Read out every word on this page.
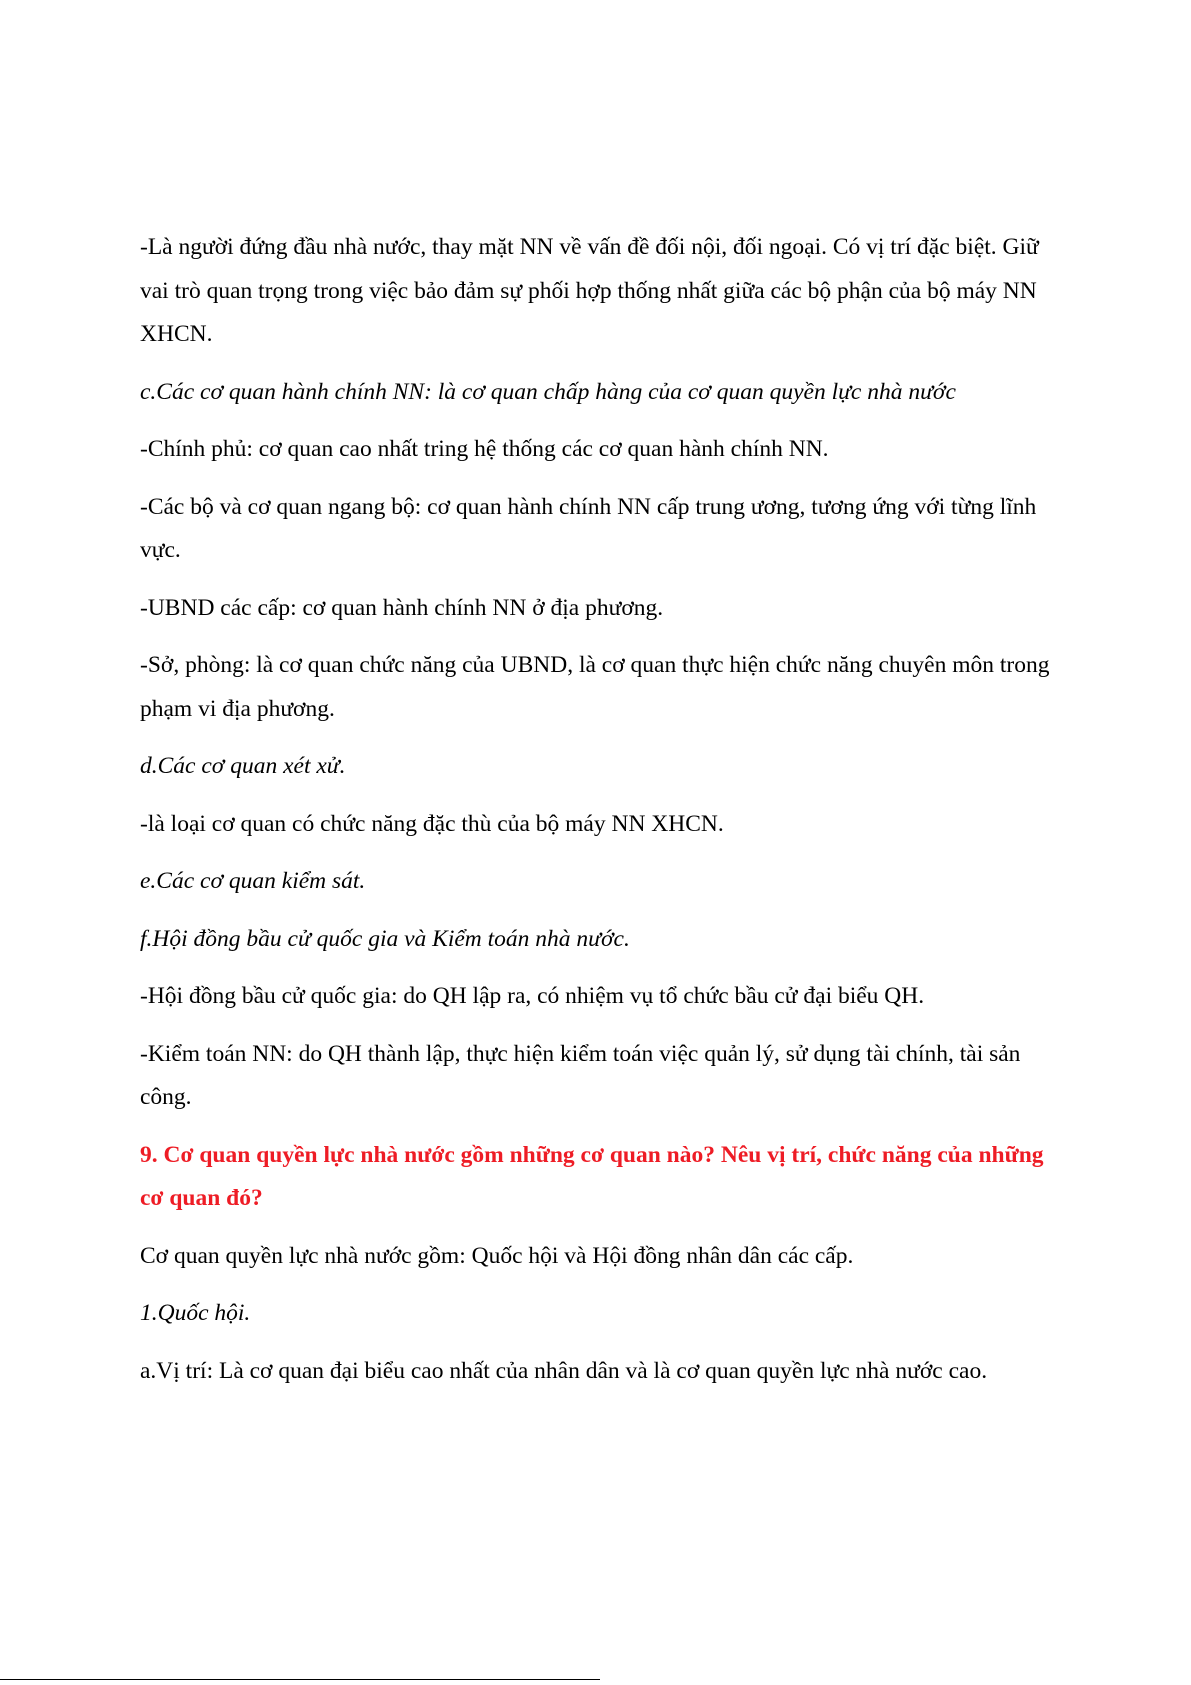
-Là người đứng đầu nhà nước, thay mặt NN về vấn đề đối nội, đối ngoại. Có vị trí đặc biệt. Giữ vai trò quan trọng trong việc bảo đảm sự phối hợp thống nhất giữa các bộ phận của bộ máy NN XHCN.

c.Các cơ quan hành chính NN: là cơ quan chấp hàng của cơ quan quyền lực nhà nước

-Chính phủ: cơ quan cao nhất tring hệ thống các cơ quan hành chính NN.

-Các bộ và cơ quan ngang bộ: cơ quan hành chính NN cấp trung ương, tương ứng với từng lĩnh vực.

-UBND các cấp: cơ quan hành chính NN ở địa phương.

-Sở, phòng: là cơ quan chức năng của UBND, là cơ quan thực hiện chức năng chuyên môn trong phạm vi địa phương.

d.Các cơ quan xét xử.

-là loại cơ quan có chức năng đặc thù của bộ máy NN XHCN.

e.Các cơ quan kiểm sát.

f.Hội đồng bầu cử quốc gia và Kiểm toán nhà nước.

-Hội đồng bầu cử quốc gia: do QH lập ra, có nhiệm vụ tổ chức bầu cử đại biểu QH.

-Kiểm toán NN: do QH thành lập, thực hiện kiểm toán việc quản lý, sử dụng tài chính, tài sản công.

9. Cơ quan quyền lực nhà nước gồm những cơ quan nào? Nêu vị trí, chức năng của những cơ quan đó?

Cơ quan quyền lực nhà nước gồm: Quốc hội và Hội đồng nhân dân các cấp.

1.Quốc hội.

a.Vị trí: Là cơ quan đại biểu cao nhất của nhân dân và là cơ quan quyền lực nhà nước cao.
